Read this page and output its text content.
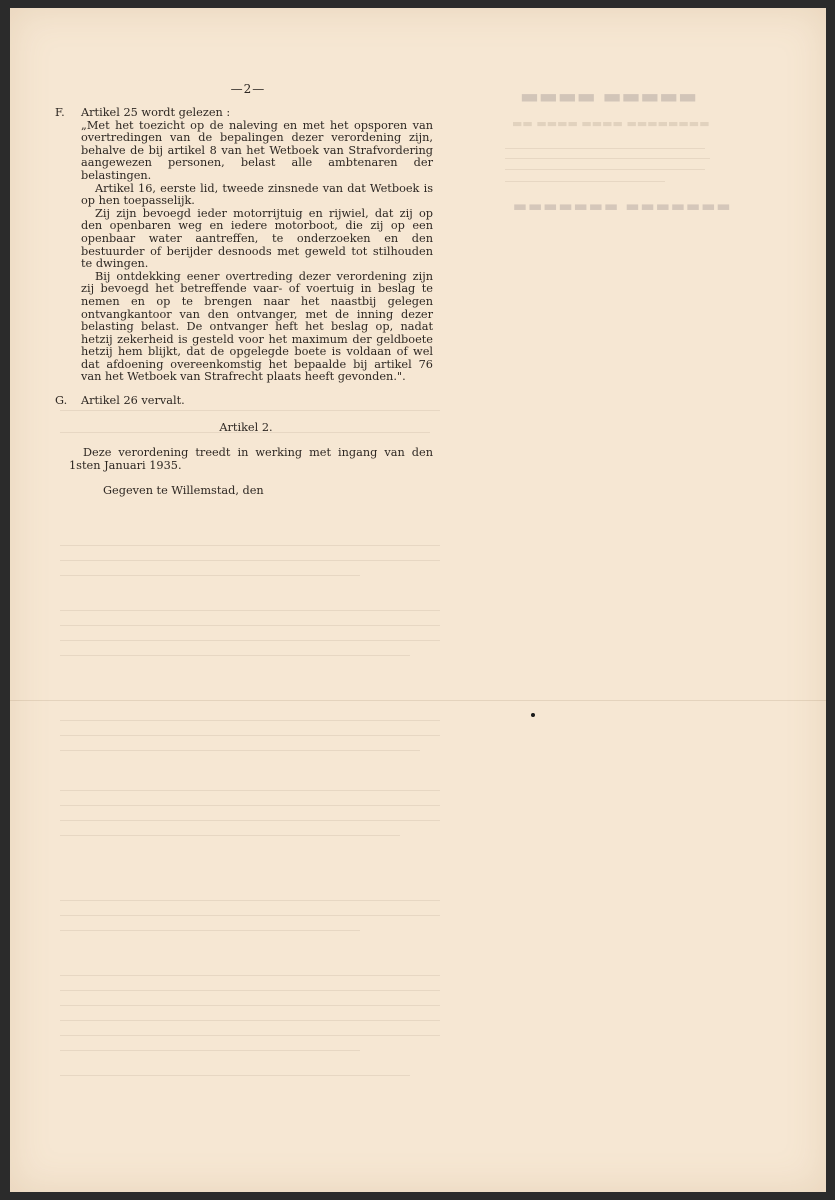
▬▬▬▬▬ ▬▬▬▬
▬▬▬▬▬▬▬▬ ▬▬▬▬ ▬▬▬▬ ▬▬
▬▬▬▬▬▬▬ ▬▬▬▬▬▬▬
—2—
F. Artikel 25 wordt gelezen :

„Met het toezicht op de naleving en met het opsporen van overtredingen van de bepalingen dezer verordening zijn, behalve de bij artikel 8 van het Wetboek van Strafvordering aangewezen personen, belast alle ambtenaren der belastingen.

Artikel 16, eerste lid, tweede zinsnede van dat Wetboek is op hen toepasselijk.

Zij zijn bevoegd ieder motorrijtuig en rijwiel, dat zij op den openbaren weg en iedere motorboot, die zij op een openbaar water aantreffen, te onderzoeken en den bestuurder of berijder desnoods met geweld tot stilhouden te dwingen.

Bij ontdekking eener overtreding dezer verordening zijn zij bevoegd het betreffende vaar- of voertuig in beslag te nemen en op te brengen naar het naastbij gelegen ontvangkantoor van den ontvanger, met de inning dezer belasting belast. De ontvanger heft het beslag op, nadat hetzij zekerheid is gesteld voor het maximum der geldboete hetzij hem blijkt, dat de opgelegde boete is voldaan of wel dat afdoening overeenkomstig het bepaalde bij artikel 76 van het Wetboek van Strafrecht plaats heeft gevonden.".

G. Artikel 26 vervalt.

Artikel 2.
Deze verordening treedt in werking met ingang van den 1sten Januari 1935.
Gegeven te Willemstad, den
